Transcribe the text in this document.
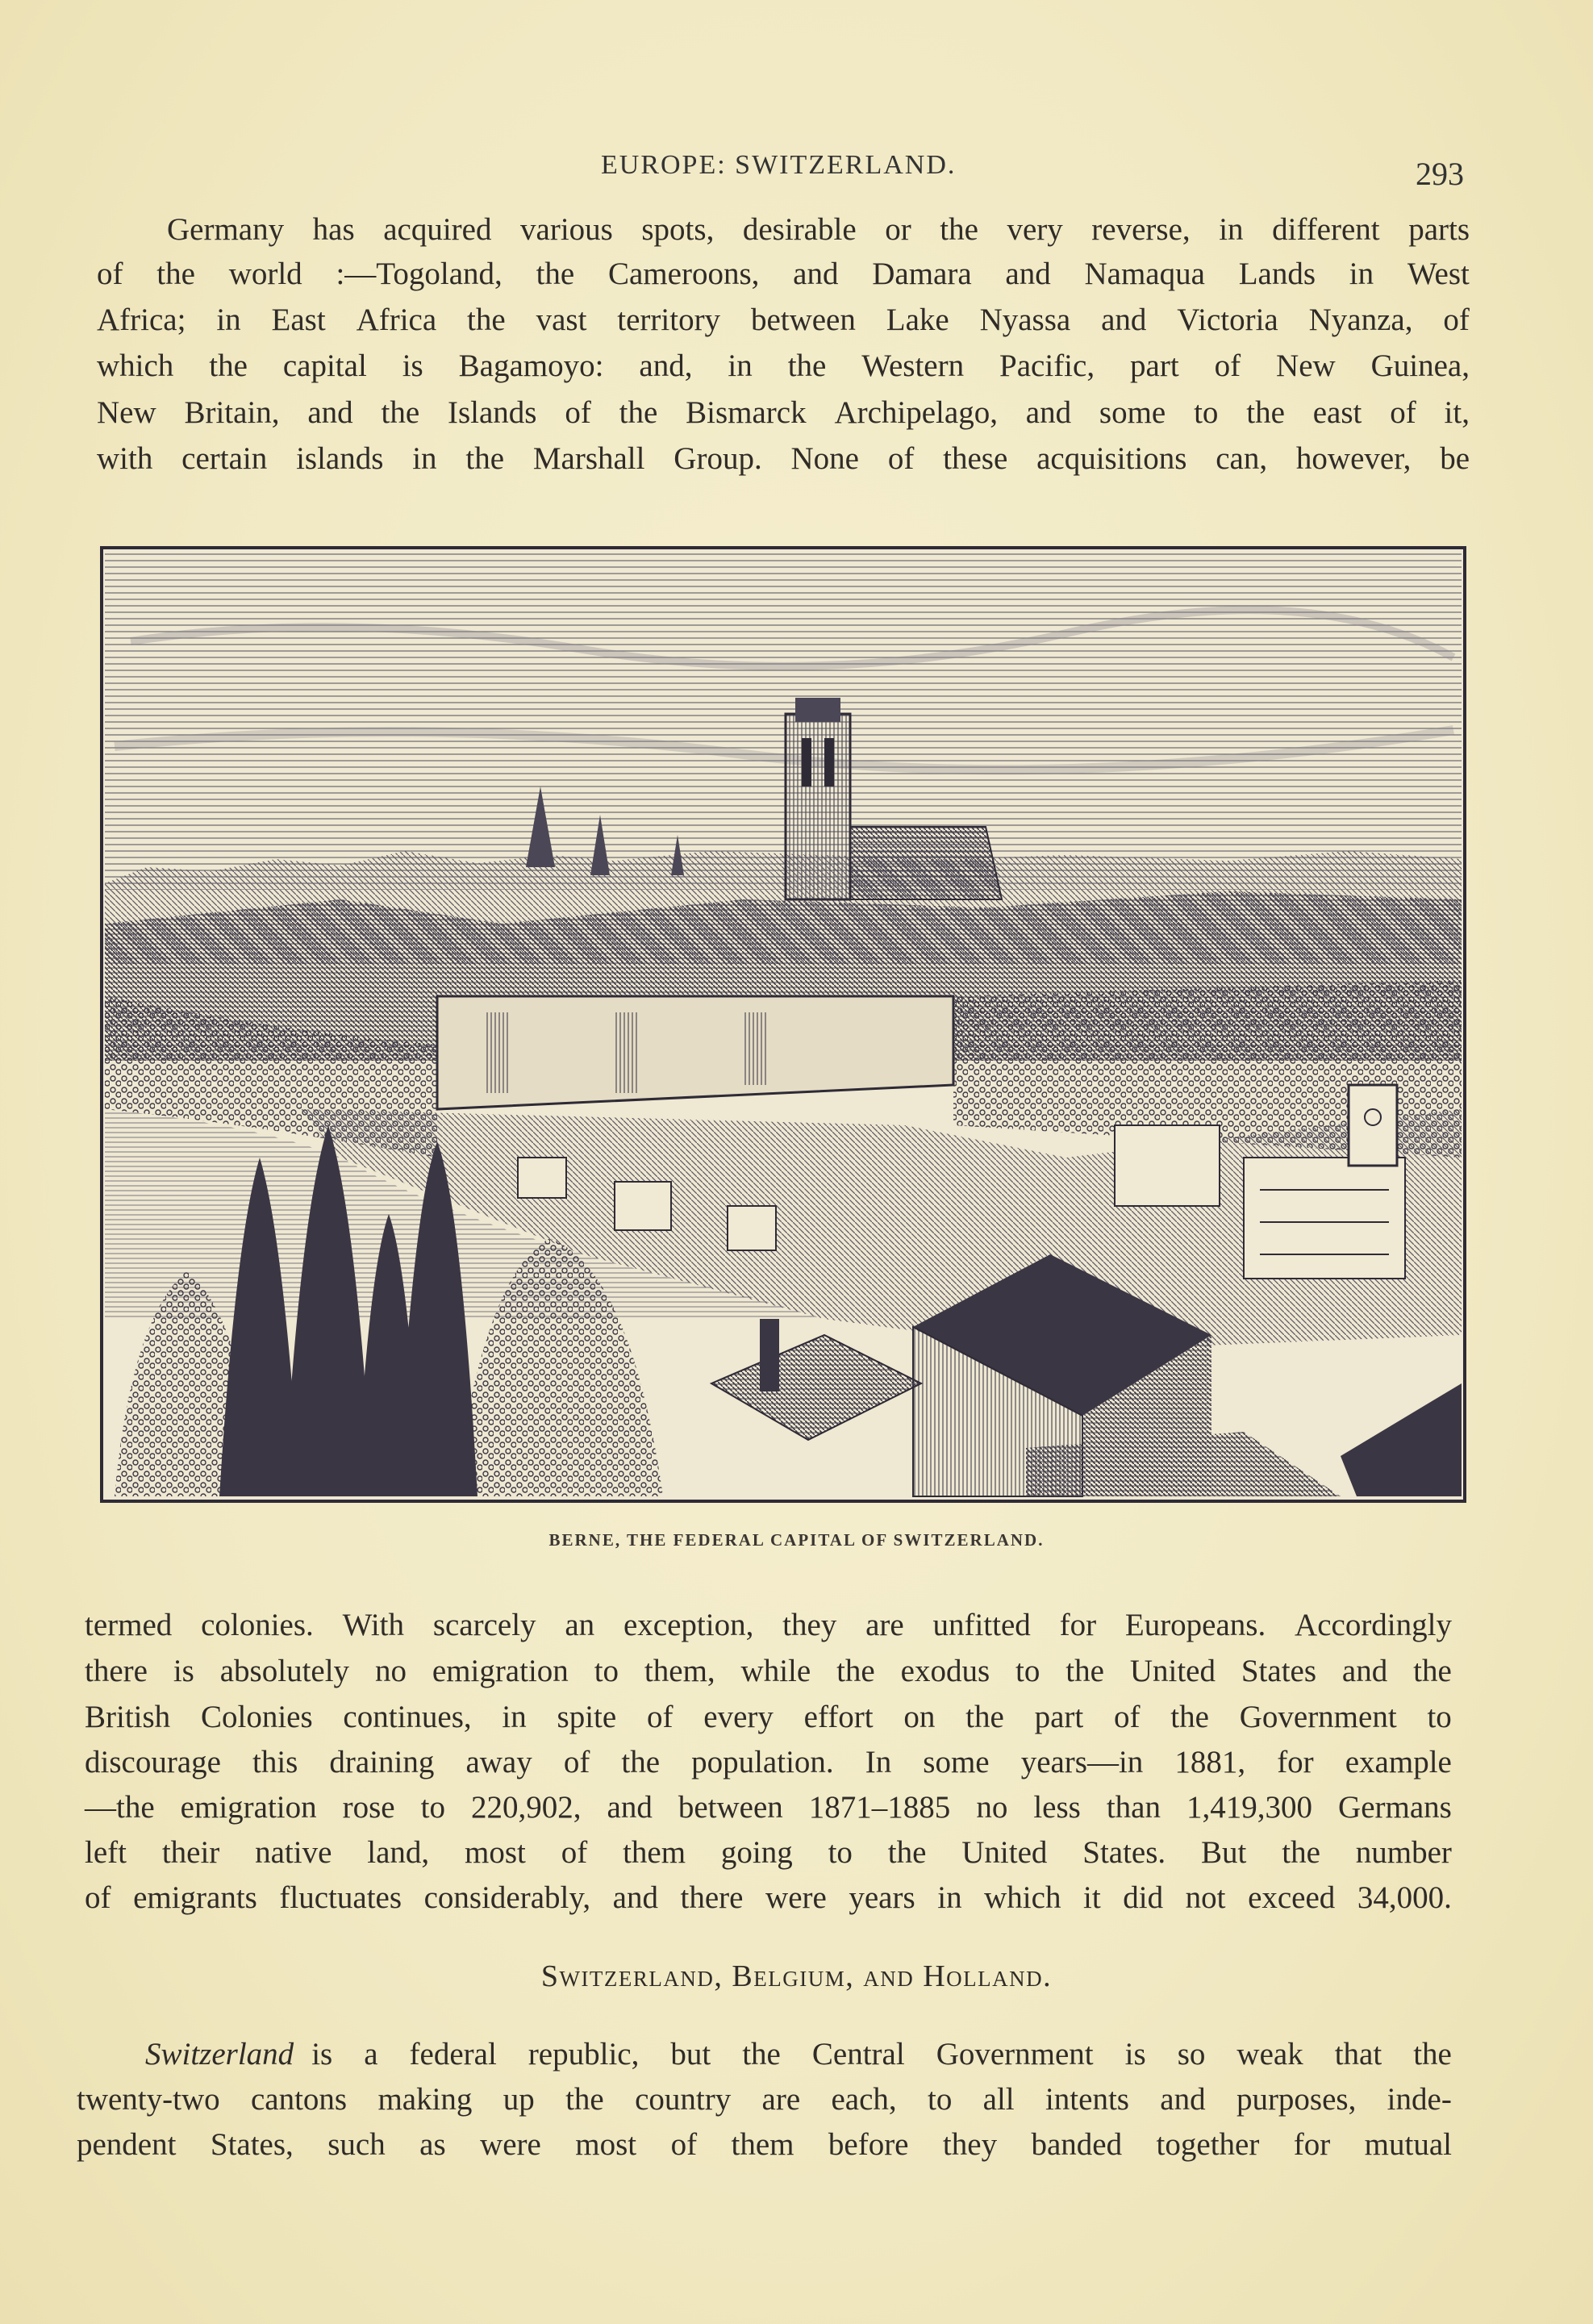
EUROPE: SWITZERLAND.	293
Germany has acquired various spots, desirable or the very reverse, in different parts
of the world :—Togoland, the Cameroons, and Damara and Namaqua Lands in West
Africa; in East Africa the vast territory between Lake Nyassa and Victoria Nyanza, of
which the capital is Bagamoyo: and, in the Western Pacific, part of New Guinea,
New Britain, and the Islands of the Bismarck Archipelago, and some to the east of it,
with certain islands in the Marshall Group. None of these acquisitions can, however, be
BERNE, THE FEDERAL CAPITAL OF SWITZERLAND.
termed colonies. With scarcely an exception, they are unfitted for Europeans. Accordingly
there is absolutely no emigration to them, while the exodus to the United States and the
British Colonies continues, in spite of every effort on the part of the Government to
discourage this draining away of the population. In some years—in 1881, for example
—the emigration rose to 220,902, and between 1871–1885 no less than 1,419,300 Germans
left their native land, most of them going to the United States. But the number
of emigrants fluctuates considerably, and there were years in which it did not exceed 34,000.
Switzerland, Belgium, and Holland.
Switzerland is a federal republic, but the Central Government is so weak that the
twenty-two cantons making up the country are each, to all intents and purposes, inde-
pendent States, such as were most of them before they banded together for mutual
